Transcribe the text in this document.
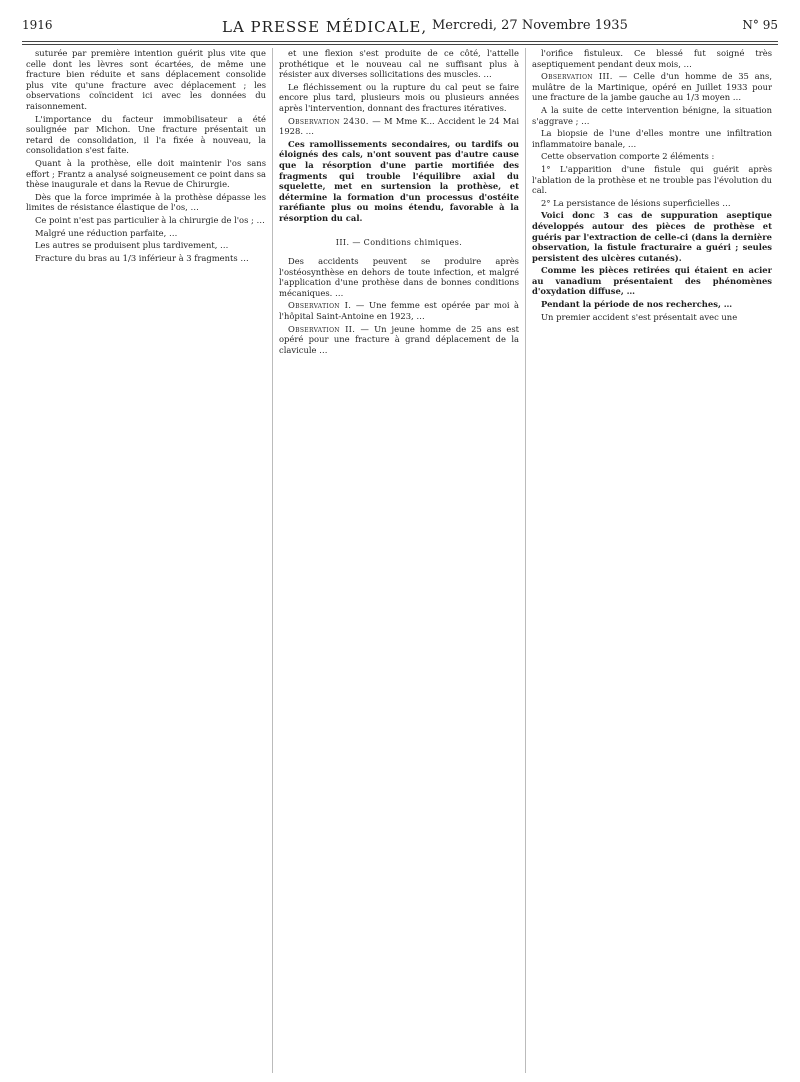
1916	LA PRESSE MÉDICALE, Mercredi, 27 Novembre 1935	N° 95

suturée par première intention guérit plus vite que celle dont les lèvres sont écartées, de même une fracture bien réduite et sans déplacement consolide plus vite qu'une fracture avec déplacement ; les observations coïncident ici avec les données du raisonnement.

L'importance du facteur immobilisateur a été soulignée par Michon. Une fracture présentait un retard de consolidation, il l'a fixée à nouveau, la consolidation s'est faite.

Quant à la prothèse, elle doit maintenir l'os sans effort ; Frantz a analysé soigneusement ce point dans sa thèse inaugurale et dans la Revue de Chirurgie.

Dès que la force imprimée à la prothèse dépasse les limites de résistance élastique de l'os, …

Ce point n'est pas particulier à la chirurgie de l'os ; …

Malgré une réduction parfaite, …

Les autres se produisent plus tardivement, …

Fracture du bras au 1/3 inférieur à 3 fragments …

et une flexion s'est produite de ce côté, l'attelle prothétique et le nouveau cal ne suffisant plus à résister aux diverses sollicitations des muscles. …

Le fléchissement ou la rupture du cal peut se faire encore plus tard, plusieurs mois ou plusieurs années après l'intervention, donnant des fractures itératives.

Observation 2430. — M Mme K... Accident le 24 Mai 1928. …

Ces ramollissements secondaires, ou tardifs ou éloignés des cals, n'ont souvent pas d'autre cause que la résorption d'une partie mortifiée des fragments qui trouble l'équilibre axial du squelette, met en surtension la prothèse, et détermine la formation d'un processus d'ostéite raréfiante plus ou moins étendu, favorable à la résorption du cal.

III. — Conditions chimiques.

Des accidents peuvent se produire après l'ostéosynthèse en dehors de toute infection, et malgré l'application d'une prothèse dans de bonnes conditions mécaniques. …

Observation I. — Une femme est opérée par moi à l'hôpital Saint-Antoine en 1923, …

Observation II. — Un jeune homme de 25 ans est opéré pour une fracture à grand déplacement de la clavicule …

l'orifice fistuleux. Ce blessé fut soigné très aseptiquement pendant deux mois, …

Observation III. — Celle d'un homme de 35 ans, mulâtre de la Martinique, opéré en Juillet 1933 pour une fracture de la jambe gauche au 1/3 moyen …

A la suite de cette intervention bénigne, la situation s'aggrave ; …

La biopsie de l'une d'elles montre une infiltration inflammatoire banale, …

Cette observation comporte 2 éléments :

1° L'apparition d'une fistule qui guérit après l'ablation de la prothèse et ne trouble pas l'évolution du cal.

2° La persistance de lésions superficielles …

Voici donc 3 cas de suppuration aseptique développés autour des pièces de prothèse et guéris par l'extraction de celle-ci (dans la dernière observation, la fistule fracturaire a guéri ; seules persistent des ulcères cutanés).

Comme les pièces retirées qui étaient en acier au vanadium présentaient des phénomènes d'oxydation diffuse, …

Pendant la période de nos recherches, …

Un premier accident s'est présentait avec une
